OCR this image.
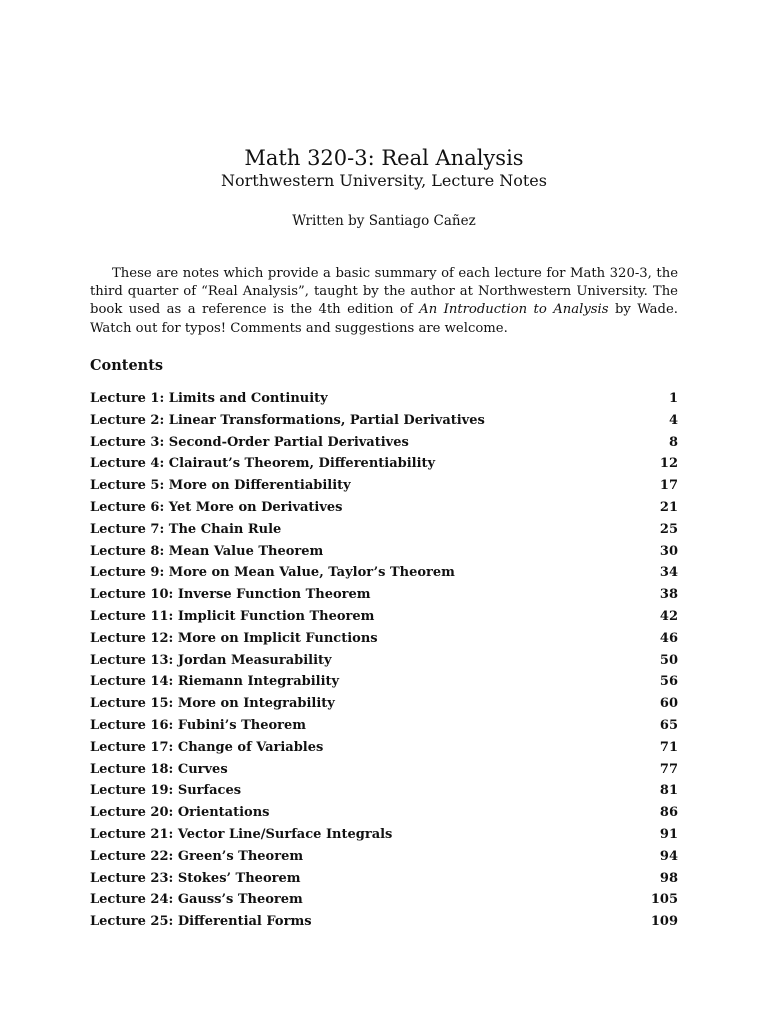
Math 320-3: Real Analysis
Northwestern University, Lecture Notes
Written by Santiago Cañez

These are notes which provide a basic summary of each lecture for Math 320-3, the third quarter of “Real Analysis”, taught by the author at Northwestern University. The book used as a reference is the 4th edition of An Introduction to Analysis by Wade. Watch out for typos! Comments and suggestions are welcome.

Contents
Lecture 1: Limits and Continuity	1
Lecture 2: Linear Transformations, Partial Derivatives	4
Lecture 3: Second-Order Partial Derivatives	8
Lecture 4: Clairaut’s Theorem, Differentiability	12
Lecture 5: More on Differentiability	17
Lecture 6: Yet More on Derivatives	21
Lecture 7: The Chain Rule	25
Lecture 8: Mean Value Theorem	30
Lecture 9: More on Mean Value, Taylor’s Theorem	34
Lecture 10: Inverse Function Theorem	38
Lecture 11: Implicit Function Theorem	42
Lecture 12: More on Implicit Functions	46
Lecture 13: Jordan Measurability	50
Lecture 14: Riemann Integrability	56
Lecture 15: More on Integrability	60
Lecture 16: Fubini’s Theorem	65
Lecture 17: Change of Variables	71
Lecture 18: Curves	77
Lecture 19: Surfaces	81
Lecture 20: Orientations	86
Lecture 21: Vector Line/Surface Integrals	91
Lecture 22: Green’s Theorem	94
Lecture 23: Stokes’ Theorem	98
Lecture 24: Gauss’s Theorem	105
Lecture 25: Differential Forms	109
